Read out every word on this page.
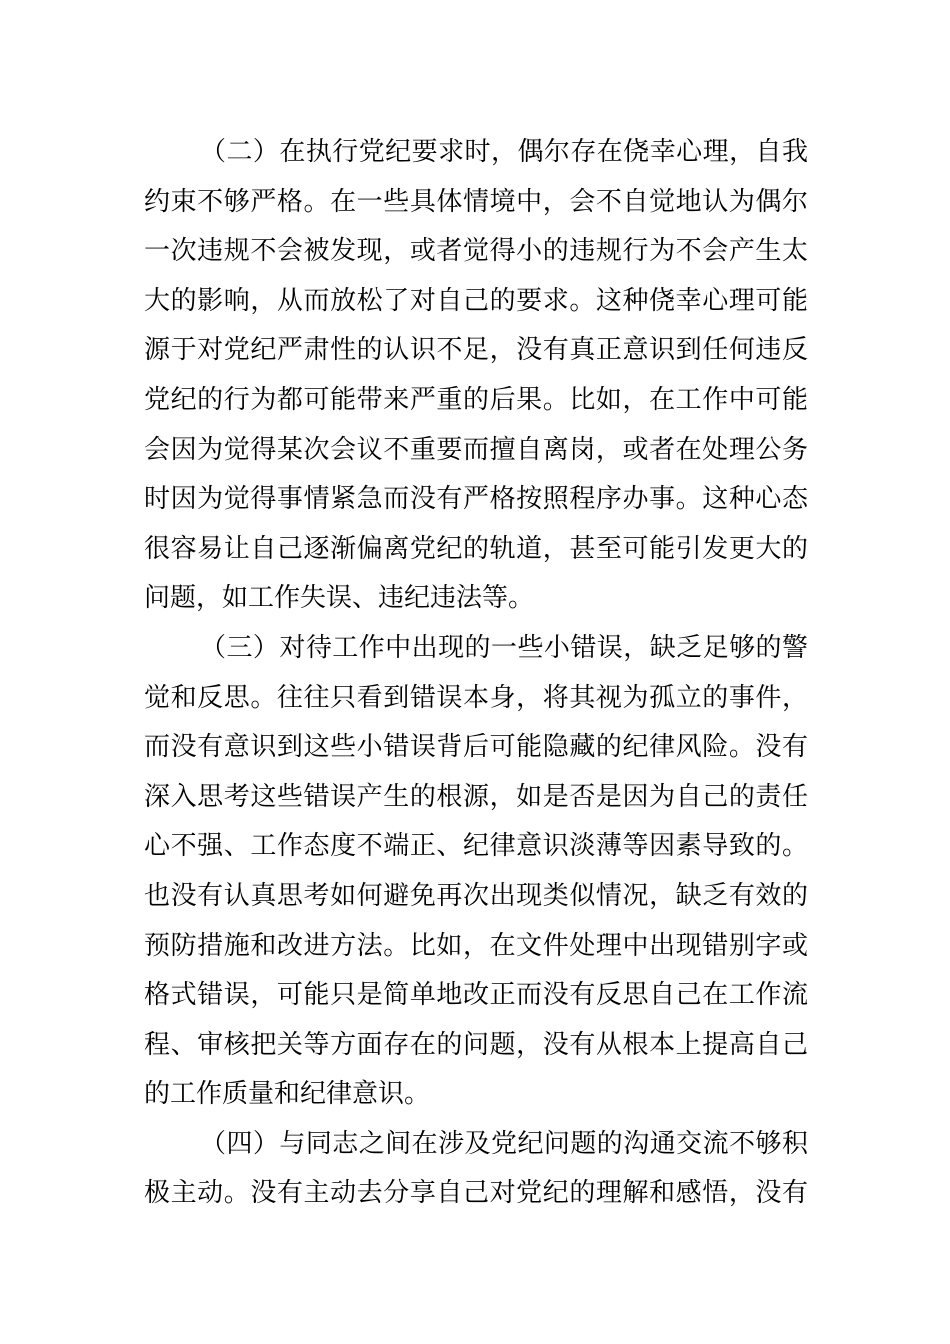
（二）在执行党纪要求时，偶尔存在侥幸心理，自我
约束不够严格。在一些具体情境中，会不自觉地认为偶尔
一次违规不会被发现，或者觉得小的违规行为不会产生太
大的影响，从而放松了对自己的要求。这种侥幸心理可能
源于对党纪严肃性的认识不足，没有真正意识到任何违反
党纪的行为都可能带来严重的后果。比如，在工作中可能
会因为觉得某次会议不重要而擅自离岗，或者在处理公务
时因为觉得事情紧急而没有严格按照程序办事。这种心态
很容易让自己逐渐偏离党纪的轨道，甚至可能引发更大的
问题，如工作失误、违纪违法等。
（三）对待工作中出现的一些小错误，缺乏足够的警
觉和反思。往往只看到错误本身，将其视为孤立的事件，
而没有意识到这些小错误背后可能隐藏的纪律风险。没有
深入思考这些错误产生的根源，如是否是因为自己的责任
心不强、工作态度不端正、纪律意识淡薄等因素导致的。
也没有认真思考如何避免再次出现类似情况，缺乏有效的
预防措施和改进方法。比如，在文件处理中出现错别字或
格式错误，可能只是简单地改正而没有反思自己在工作流
程、审核把关等方面存在的问题，没有从根本上提高自己
的工作质量和纪律意识。
（四）与同志之间在涉及党纪问题的沟通交流不够积
极主动。没有主动去分享自己对党纪的理解和感悟，没有
